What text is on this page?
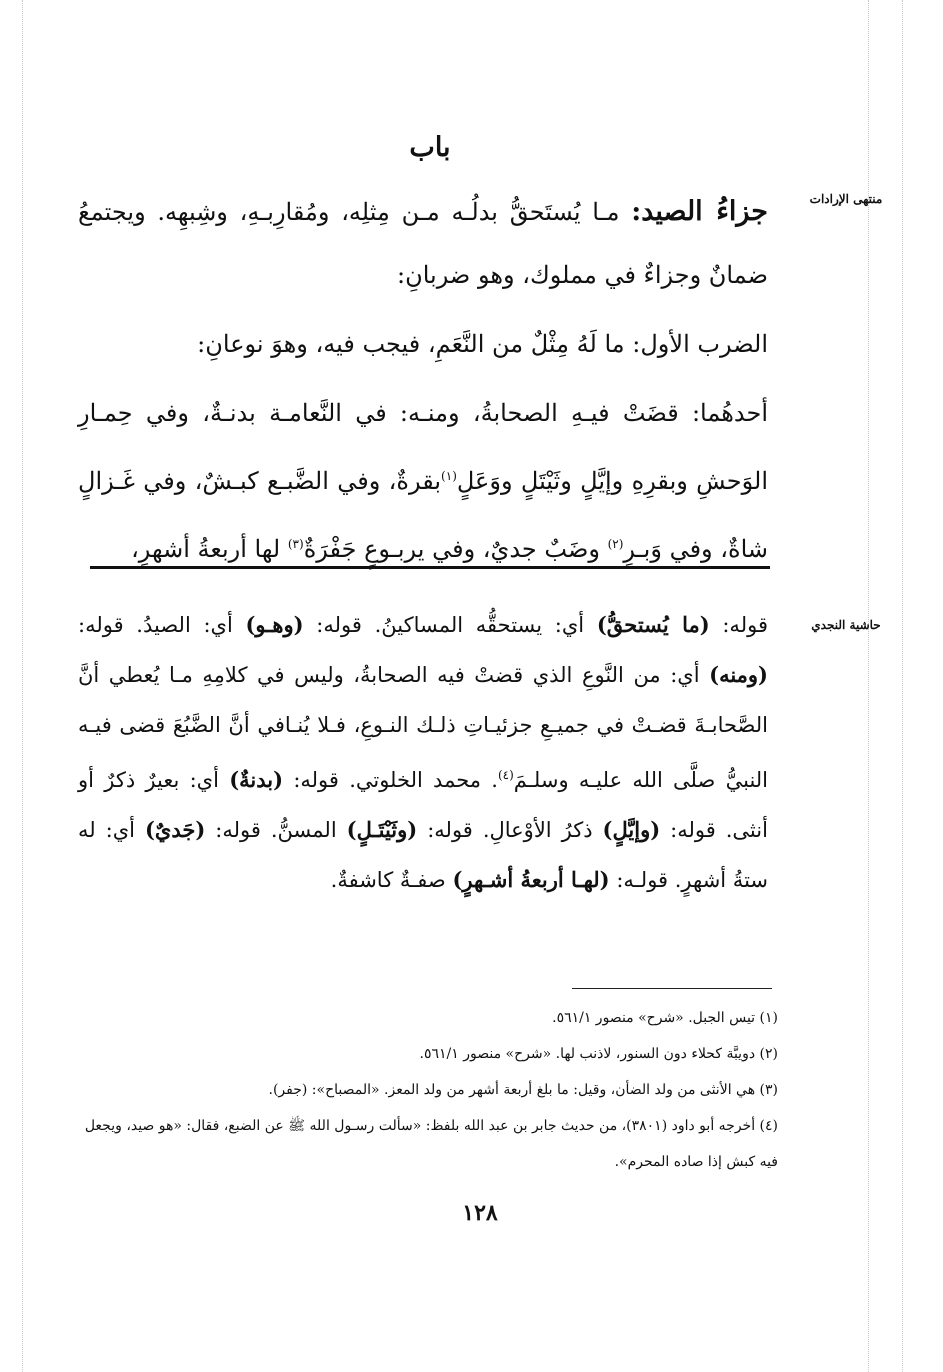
باب
منتهى الإرادات
حاشية النجدي

جزاءُ الصيد: مـا يُستَحقُّ بدلُـه مـن مِثلِه، ومُقارِبـهِ، وشِبهِه. ويجتمعُ ضمانٌ وجزاءٌ في مملوك، وهو ضربانِ:

الضرب الأول: ما لَهُ مِثْلٌ من النَّعَمِ، فيجب فيه، وهوَ نوعانِ:

أحدهُما: قضَتْ فيـهِ الصحابةُ، ومنـه: في النَّعامـة بدنـةٌ، وفي حِمـارِ الوَحشِ وبقرِهِ وإيَّلٍ وثَيْتَلٍ ووَعَلٍ$^{(١)}$بقرةٌ، وفي الضَّبـع كبـشٌ، وفي غَـزالٍ شاةٌ، وفي وَبـرٍ$^{(٢)}$ وضَبٌ جديٌ، وفي يربـوعٍ جَفْرَةٌ$^{(٣)}$ لها أربعةُ أشهرٍ،

قوله: (ما يُستحقُّ) أي: يستحقُّه المساكينُ. قوله: (وهـو) أي: الصيدُ. قوله: (ومنه) أي: من النَّوعِ الذي قضتْ فيه الصحابةُ، وليس في كلامِهِ مـا يُعطي أنَّ الصَّحابـةَ قضـتْ في جميـعِ جزئيـاتِ ذلـك النـوعِ، فـلا يُنـافي أنَّ الضَّبُعَ قضى فيـه النبيُّ صلَّى الله عليـه وسلـمَ$^{(٤)}$. محمد الخلوتي. قوله: (بدنةٌ) أي: بعيرٌ ذكرٌ أو أنثى. قوله: (وإيَّلٍ) ذكرُ الأوْعالِ. قوله: (وثَيْتَـلٍ) المسنُّ. قوله: (جَديٌ) أي: له ستةُ أشهرٍ. قولـه: (لهـا أربعةُ أشـهرٍ) صفـةٌ كاشفةٌ.

(١) تيس الجبل. «شرح» منصور ٥٦١/١.

(٢) دويبَّة كحلاء دون السنور، لاذنب لها. «شرح» منصور ٥٦١/١.

(٣) هي الأنثى من ولد الضأن، وقيل: ما بلغ أربعة أشهر من ولد المعز. «المصباح»: (جفر).

(٤) أخرجه أبو داود (٣٨٠١)، من حديث جابر بن عبد الله بلفظ: «سألت رسـول الله ﷺ عن الضبع، فقال: «هو صيد، ويجعل فيه كبش إذا صاده المحرم».

١٢٨
